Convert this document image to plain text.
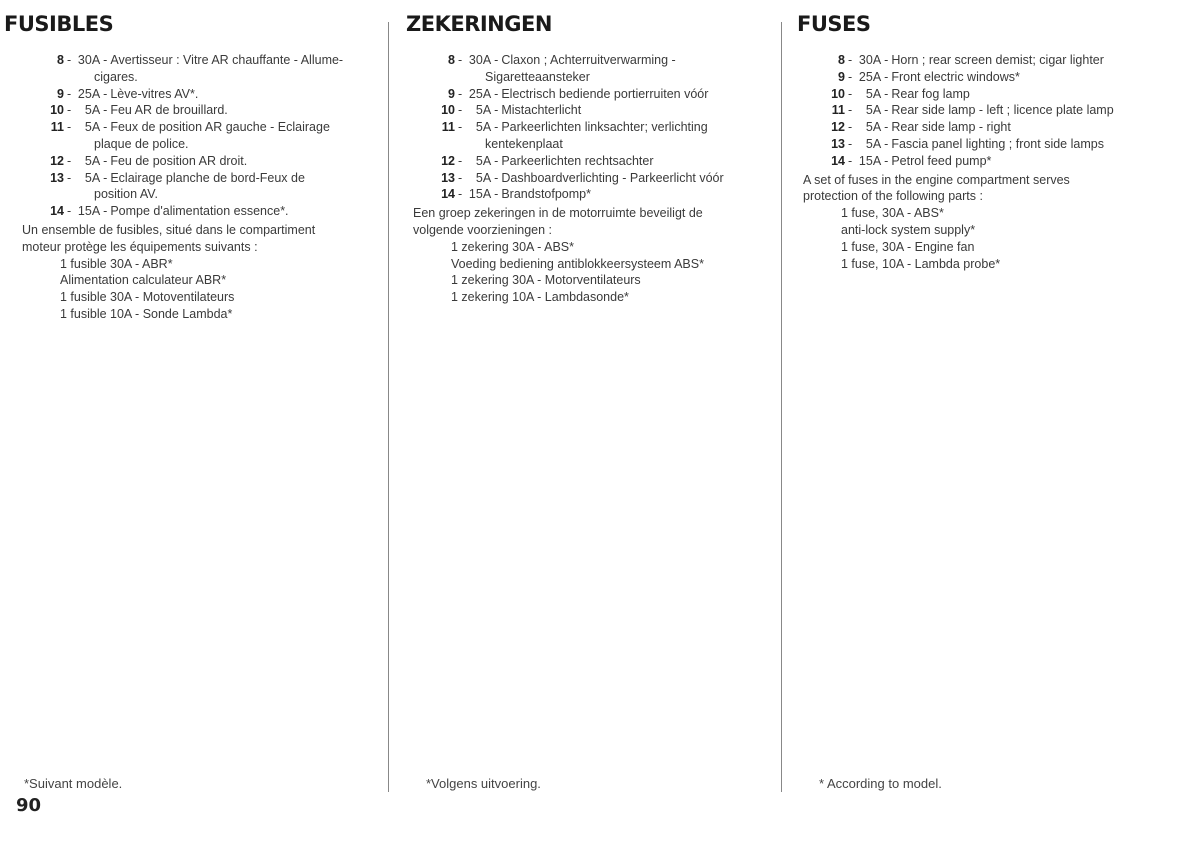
FUSIBLES
8 - 30A - Avertisseur : Vitre AR chauffante - Allume-
cigares.
9 - 25A - Lève-vitres AV*.
10 -	5A - Feu AR de brouillard.
11 -	5A - Feux de position AR gauche - Eclairage
plaque de police.
12 -	5A - Feu de position AR droit.
13 -	5A - Eclairage planche de bord-Feux de
position AV.
14 - 15A - Pompe d'alimentation essence*.
Un ensemble de fusibles, situé dans le compartiment
moteur protège les équipements suivants :
1 fusible 30A - ABR*
Alimentation calculateur ABR*
1 fusible 30A - Motoventilateurs
1 fusible 10A - Sonde Lambda*
*Suivant modèle.
ZEKERINGEN
8 - 30A - Claxon ; Achterruitverwarming -
Sigaretteaansteker
9 - 25A - Electrisch bediende portierruiten vóór
10 -	5A - Mistachterlicht
11 -	5A - Parkeerlichten linksachter; verlichting
kentekenplaat
12 -	5A - Parkeerlichten rechtsachter
13 -	5A - Dashboardverlichting - Parkeerlicht vóór
14 - 15A - Brandstofpomp*
Een groep zekeringen in de motorruimte beveiligt de
volgende voorzieningen :
1 zekering 30A - ABS*
Voeding bediening antiblokkeersysteem ABS*
1 zekering 30A - Motorventilateurs
1 zekering 10A - Lambdasonde*
*Volgens uitvoering.
FUSES
8 - 30A - Horn ; rear screen demist; cigar lighter
9 - 25A - Front electric windows*
10 -	5A - Rear fog lamp
11 -	5A - Rear side lamp - left ; licence plate lamp
12 -	5A - Rear side lamp - right
13 -	5A - Fascia panel lighting ; front side lamps
14 - 15A - Petrol feed pump*
A set of fuses in the engine compartment serves
protection of the following parts :
1 fuse, 30A - ABS*
anti-lock system supply*
1 fuse, 30A - Engine fan
1 fuse, 10A - Lambda probe*
* According to model.
90
